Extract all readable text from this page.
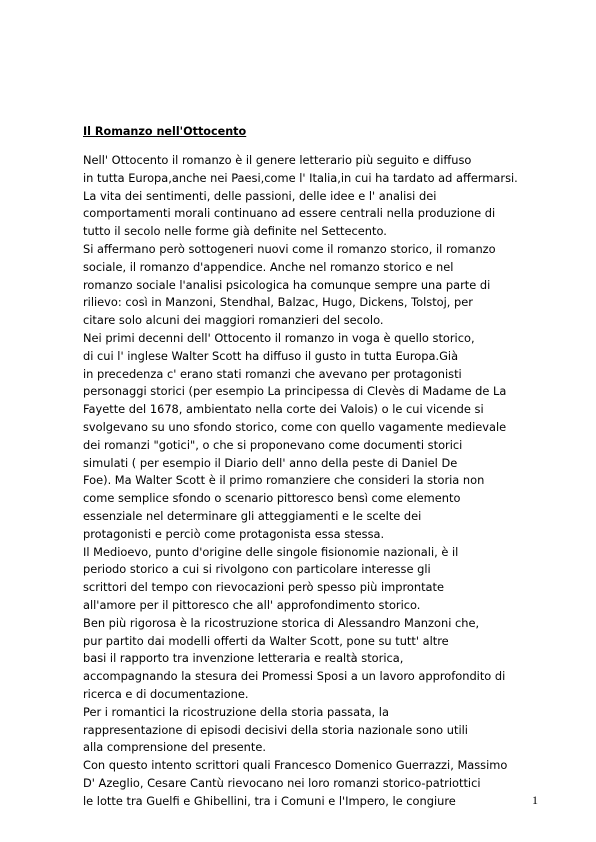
Il Romanzo nell'Ottocento
Nell' Ottocento il romanzo è il genere letterario più seguito e diffuso
in tutta Europa,anche nei Paesi,come l' Italia,in cui ha tardato ad affermarsi.
La vita dei sentimenti, delle passioni, delle idee e l' analisi dei
comportamenti morali continuano ad essere centrali nella produzione di
tutto il secolo nelle forme già definite nel Settecento.
Si affermano però sottogeneri nuovi come il romanzo storico, il romanzo
sociale, il romanzo d'appendice. Anche nel romanzo storico e nel
romanzo sociale l'analisi psicologica ha comunque sempre una parte di
rilievo: così in Manzoni, Stendhal, Balzac, Hugo, Dickens, Tolstoj, per
citare solo alcuni dei maggiori romanzieri del secolo.
Nei primi decenni dell' Ottocento il romanzo in voga è quello storico,
di cui l' inglese Walter Scott ha diffuso il gusto in tutta Europa.Già
in precedenza c' erano stati romanzi che avevano per protagonisti
personaggi storici (per esempio La principessa di Clevès di Madame de La
Fayette del 1678, ambientato nella corte dei Valois) o le cui vicende si
svolgevano su uno sfondo storico, come con quello vagamente medievale
dei romanzi "gotici", o che si proponevano come documenti storici
simulati ( per esempio il Diario dell' anno della peste di Daniel De
Foe). Ma Walter Scott è il primo romanziere che consideri la storia non
come semplice sfondo o scenario pittoresco bensì come elemento
essenziale nel determinare gli atteggiamenti e le scelte dei
protagonisti e perciò come protagonista essa stessa.
Il Medioevo, punto d'origine delle singole fisionomie nazionali, è il
periodo storico a cui si rivolgono con particolare interesse gli
scrittori del tempo con rievocazioni però spesso più improntate
all'amore per il pittoresco che all' approfondimento storico.
Ben più rigorosa è la ricostruzione storica di Alessandro Manzoni che,
pur partito dai modelli offerti da Walter Scott, pone su tutt' altre
basi il rapporto tra invenzione letteraria e realtà storica,
accompagnando la stesura dei Promessi Sposi a un lavoro approfondito di
ricerca e di documentazione.
Per i romantici la ricostruzione della storia passata, la
rappresentazione di episodi decisivi della storia nazionale sono utili
alla comprensione del presente.
Con questo intento scrittori quali Francesco Domenico Guerrazzi, Massimo
D' Azeglio, Cesare Cantù rievocano nei loro romanzi storico-patriottici
le lotte tra Guelfi e Ghibellini, tra i Comuni e l'Impero, le congiure	1
